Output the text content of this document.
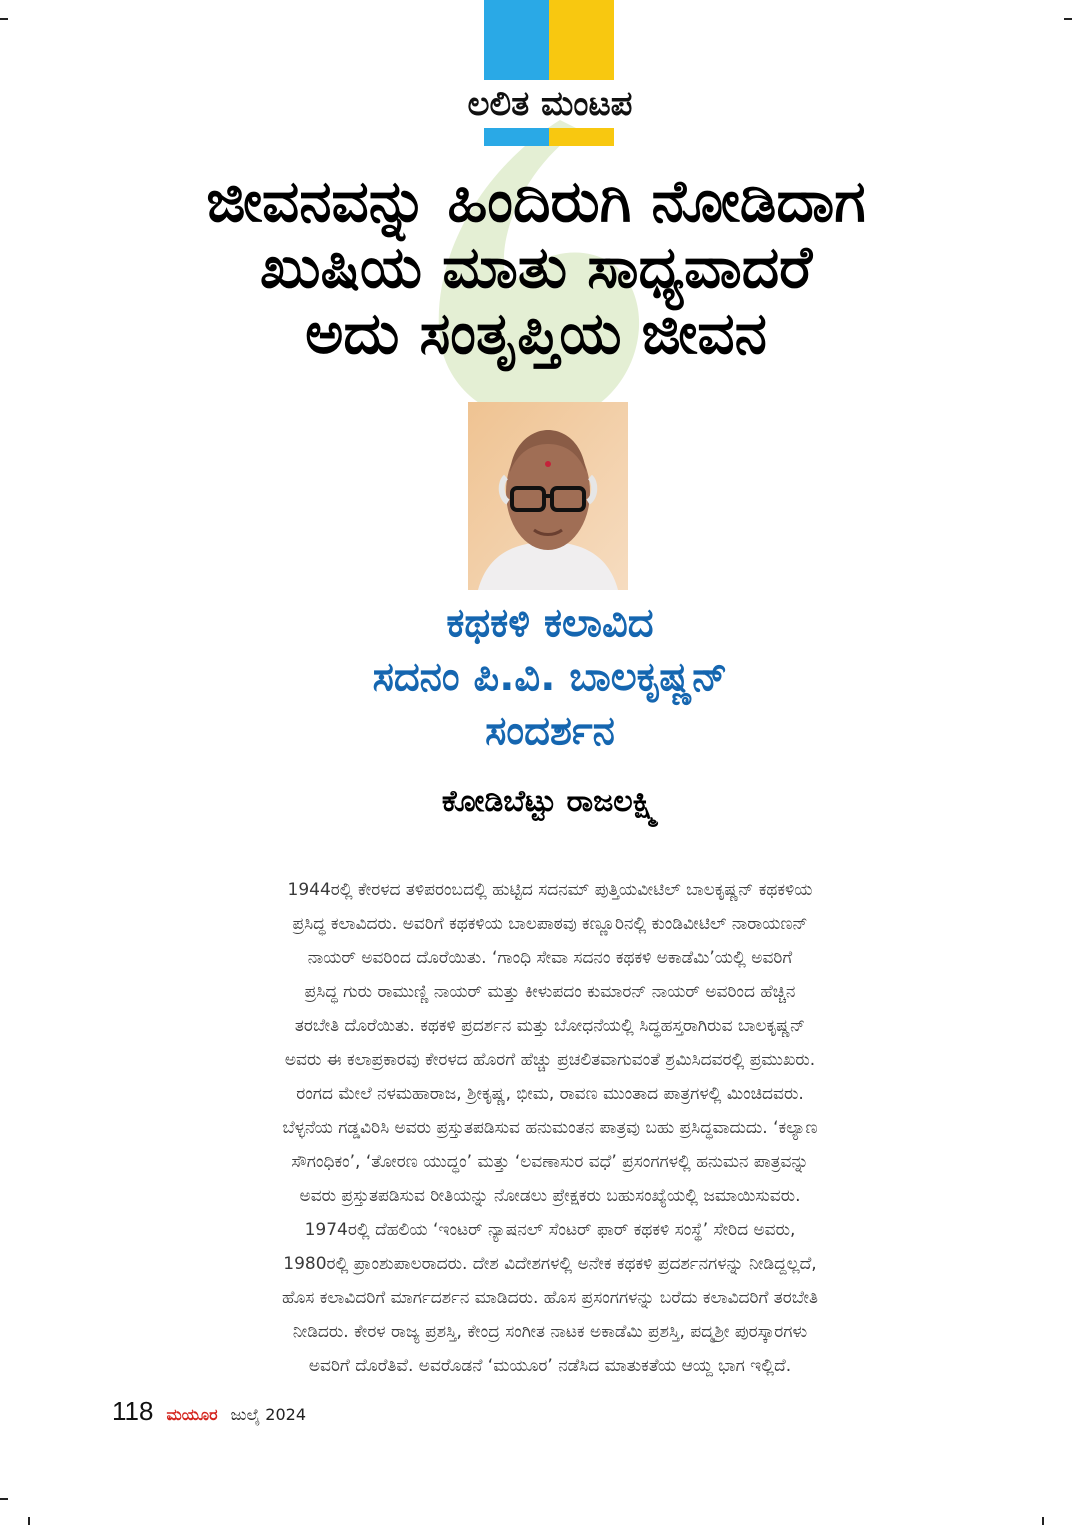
ಲಲಿತ ಮಂಟಪ
ಜೀವನವನ್ನು ಹಿಂದಿರುಗಿ ನೋಡಿದಾಗ
ಖುಷಿಯ ಮಾತು ಸಾಧ್ಯವಾದರೆ
ಅದು ಸಂತೃಪ್ತಿಯ ಜೀವನ
ಕಥಕಳಿ ಕಲಾವಿದ
ಸದನಂ ಪಿ.ವಿ. ಬಾಲಕೃಷ್ಣನ್
ಸಂದರ್ಶನ
ಕೋಡಿಬೆಟ್ಟು ರಾಜಲಕ್ಷ್ಮಿ
1944ರಲ್ಲಿ ಕೇರಳದ ತಳಿಪರಂಬದಲ್ಲಿ ಹುಟ್ಟಿದ ಸದನಮ್ ಪುತ್ತಿಯವೀಟಿಲ್ ಬಾಲಕೃಷ್ಣನ್ ಕಥಕಳಿಯ
ಪ್ರಸಿದ್ಧ ಕಲಾವಿದರು. ಅವರಿಗೆ ಕಥಕಳಿಯ ಬಾಲಪಾಠವು ಕಣ್ಣೂರಿನಲ್ಲಿ ಕುಂಡಿವೀಟಿಲ್ ನಾರಾಯಣನ್
ನಾಯರ್ ಅವರಿಂದ ದೊರೆಯಿತು. ‘ಗಾಂಧಿ ಸೇವಾ ಸದನಂ ಕಥಕಳಿ ಅಕಾಡೆಮಿ’ಯಲ್ಲಿ ಅವರಿಗೆ
ಪ್ರಸಿದ್ಧ ಗುರು ರಾಮುಣ್ಣಿ ನಾಯರ್ ಮತ್ತು ಕೀಳುಪದಂ ಕುಮಾರನ್ ನಾಯರ್ ಅವರಿಂದ ಹೆಚ್ಚಿನ
ತರಬೇತಿ ದೊರೆಯಿತು. ಕಥಕಳಿ ಪ್ರದರ್ಶನ ಮತ್ತು ಬೋಧನೆಯಲ್ಲಿ ಸಿದ್ಧಹಸ್ತರಾಗಿರುವ ಬಾಲಕೃಷ್ಣನ್
ಅವರು ಈ ಕಲಾಪ್ರಕಾರವು ಕೇರಳದ ಹೊರಗೆ ಹೆಚ್ಚು ಪ್ರಚಲಿತವಾಗುವಂತೆ ಶ್ರಮಿಸಿದವರಲ್ಲಿ ಪ್ರಮುಖರು.
ರಂಗದ ಮೇಲೆ ನಳಮಹಾರಾಜ, ಶ್ರೀಕೃಷ್ಣ, ಭೀಮ, ರಾವಣ ಮುಂತಾದ ಪಾತ್ರಗಳಲ್ಲಿ ಮಿಂಚಿದವರು.
ಬೆಳ್ಳನೆಯ ಗಡ್ಡವಿರಿಸಿ ಅವರು ಪ್ರಸ್ತುತಪಡಿಸುವ ಹನುಮಂತನ ಪಾತ್ರವು ಬಹು ಪ್ರಸಿದ್ಧವಾದುದು. ‘ಕಲ್ಯಾಣ
ಸೌಗಂಧಿಕಂ’, ‘ತೋರಣ ಯುದ್ಧಂ’ ಮತ್ತು ‘ಲವಣಾಸುರ ವಧೆ’ ಪ್ರಸಂಗಗಳಲ್ಲಿ ಹನುಮನ ಪಾತ್ರವನ್ನು
ಅವರು ಪ್ರಸ್ತುತಪಡಿಸುವ ರೀತಿಯನ್ನು ನೋಡಲು ಪ್ರೇಕ್ಷಕರು ಬಹುಸಂಖ್ಯೆಯಲ್ಲಿ ಜಮಾಯಿಸುವರು.
1974ರಲ್ಲಿ ದೆಹಲಿಯ ‘ಇಂಟರ್ ನ್ಯಾಷನಲ್ ಸೆಂಟರ್ ಫಾರ್ ಕಥಕಳಿ ಸಂಸ್ಥೆ’ ಸೇರಿದ ಅವರು,
1980ರಲ್ಲಿ ಪ್ರಾಂಶುಪಾಲರಾದರು. ದೇಶ ವಿದೇಶಗಳಲ್ಲಿ ಅನೇಕ ಕಥಕಳಿ ಪ್ರದರ್ಶನಗಳನ್ನು ನೀಡಿದ್ದಲ್ಲದೆ,
ಹೊಸ ಕಲಾವಿದರಿಗೆ ಮಾರ್ಗದರ್ಶನ ಮಾಡಿದರು. ಹೊಸ ಪ್ರಸಂಗಗಳನ್ನು ಬರೆದು ಕಲಾವಿದರಿಗೆ ತರಬೇತಿ
ನೀಡಿದರು. ಕೇರಳ ರಾಜ್ಯ ಪ್ರಶಸ್ತಿ, ಕೇಂದ್ರ ಸಂಗೀತ ನಾಟಕ ಅಕಾಡೆಮಿ ಪ್ರಶಸ್ತಿ, ಪದ್ಮಶ್ರೀ ಪುರಸ್ಕಾರಗಳು
ಅವರಿಗೆ ದೊರೆತಿವೆ. ಅವರೊಡನೆ ‘ಮಯೂರ’ ನಡೆಸಿದ ಮಾತುಕತೆಯ ಆಯ್ದ ಭಾಗ ಇಲ್ಲಿದೆ.
118 ಮಯೂರ ಜುಲೈ 2024
